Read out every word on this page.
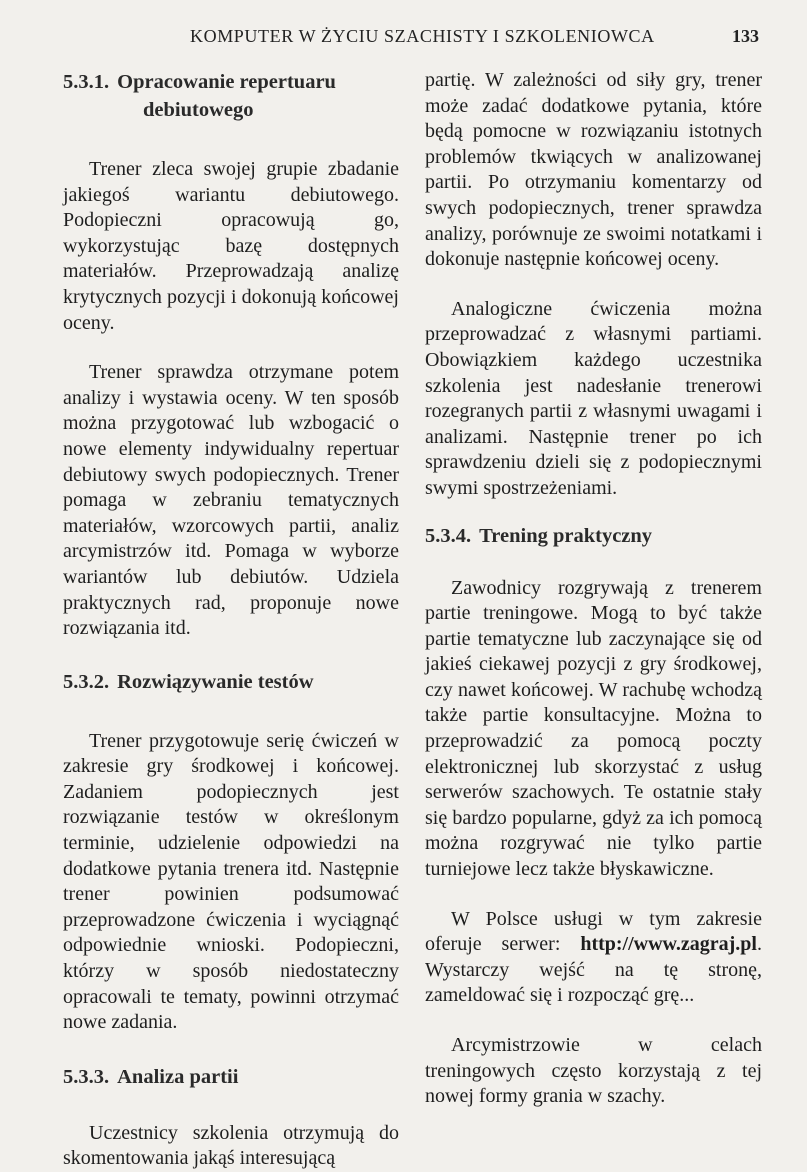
KOMPUTER W ŻYCIU SZACHISTY I SZKOLENIOWCA	133
5.3.1. Opracowanie repertuaru
debiutowego

Trener zleca swojej grupie zbadanie jakiegoś wariantu debiutowego. Podopieczni opracowują go, wykorzystując bazę dostępnych materiałów. Przeprowadzają analizę krytycznych pozycji i dokonują końcowej oceny.

Trener sprawdza otrzymane potem analizy i wystawia oceny. W ten sposób można przygotować lub wzbogacić o nowe elementy indywidualny repertuar debiutowy swych podopiecznych. Trener pomaga w zebraniu tematycznych materiałów, wzorcowych partii, analiz arcymistrzów itd. Pomaga w wyborze wariantów lub debiutów. Udziela praktycznych rad, proponuje nowe rozwiązania itd.

5.3.2. Rozwiązywanie testów

Trener przygotowuje serię ćwiczeń w zakresie gry środkowej i końcowej. Zadaniem podopiecznych jest rozwiązanie testów w określonym terminie, udzielenie odpowiedzi na dodatkowe pytania trenera itd. Następnie trener powinien podsumować przeprowadzone ćwiczenia i wyciągnąć odpowiednie wnioski. Podopieczni, którzy w sposób niedostateczny opracowali te tematy, powinni otrzymać nowe zadania.

5.3.3. Analiza partii

Uczestnicy szkolenia otrzymują do skomentowania jakąś interesującą

partię. W zależności od siły gry, trener może zadać dodatkowe pytania, które będą pomocne w rozwiązaniu istotnych problemów tkwiących w analizowanej partii. Po otrzymaniu komentarzy od swych podopiecznych, trener sprawdza analizy, porównuje ze swoimi notatkami i dokonuje następnie końcowej oceny.

Analogiczne ćwiczenia można przeprowadzać z własnymi partiami. Obowiązkiem każdego uczestnika szkolenia jest nadesłanie trenerowi rozegranych partii z własnymi uwagami i analizami. Następnie trener po ich sprawdzeniu dzieli się z podopiecznymi swymi spostrzeżeniami.

5.3.4. Trening praktyczny

Zawodnicy rozgrywają z trenerem partie treningowe. Mogą to być także partie tematyczne lub zaczynające się od jakieś ciekawej pozycji z gry środkowej, czy nawet końcowej. W rachubę wchodzą także partie konsultacyjne. Można to przeprowadzić za pomocą poczty elektronicznej lub skorzystać z usług serwerów szachowych. Te ostatnie stały się bardzo popularne, gdyż za ich pomocą można rozgrywać nie tylko partie turniejowe lecz także błyskawiczne.

W Polsce usługi w tym zakresie oferuje serwer: http://www.zagraj.pl. Wystarczy wejść na tę stronę, zameldować się i rozpocząć grę...

Arcymistrzowie w celach treningowych często korzystają z tej nowej formy grania w szachy.
